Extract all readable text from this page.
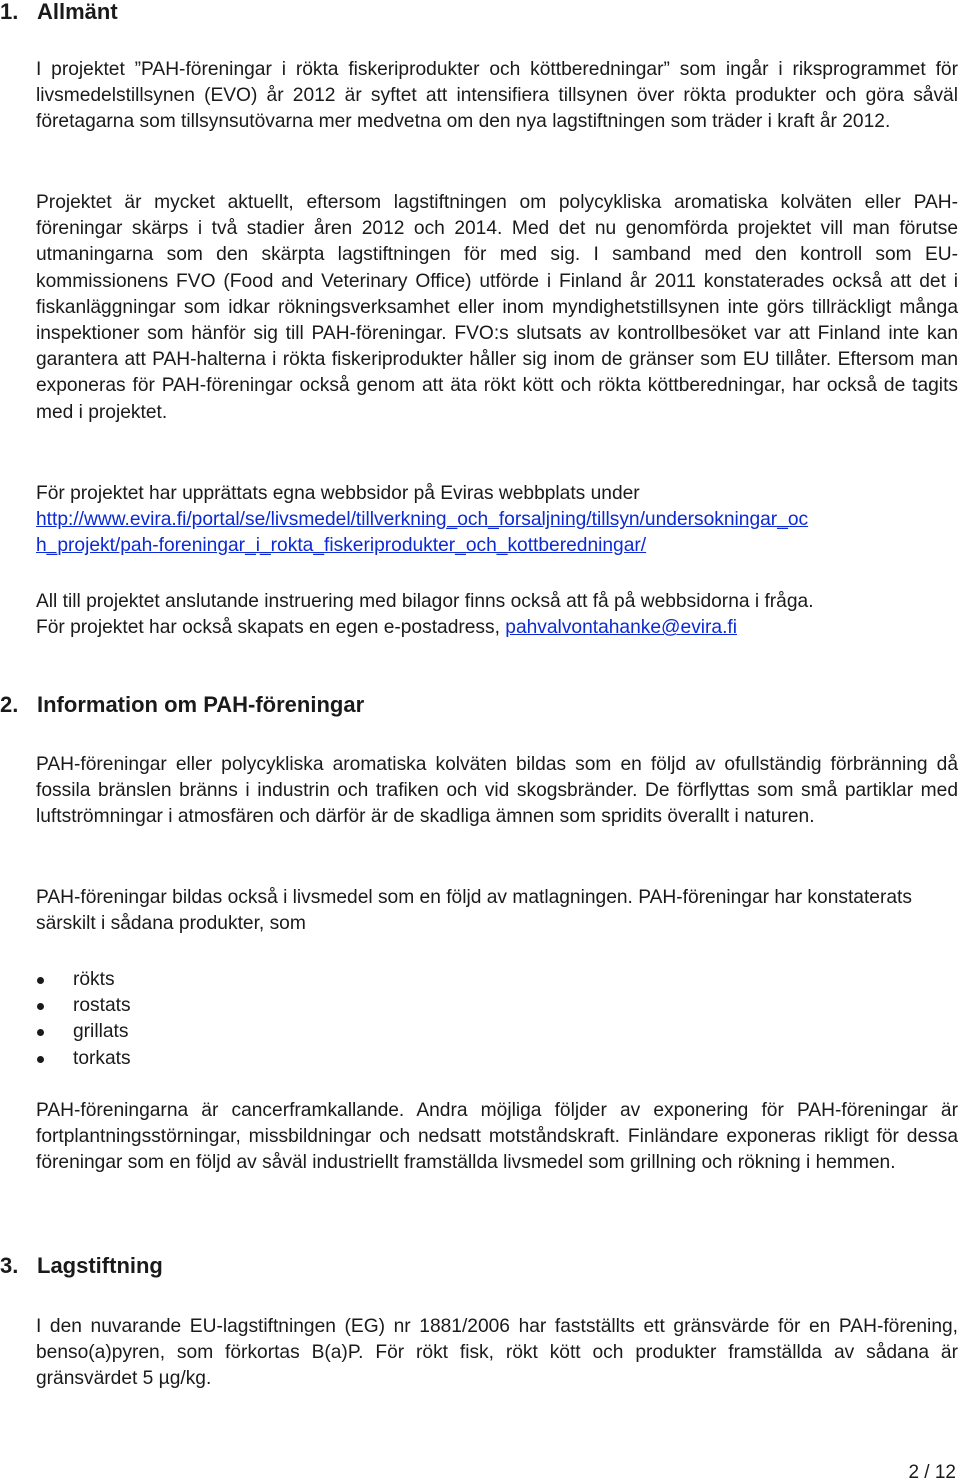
1. Allmänt

I projektet ”PAH-föreningar i rökta fiskeriprodukter och köttberedningar” som ingår i riksprogrammet för livsmedelstillsynen (EVO) år 2012 är syftet att intensifiera tillsynen över rökta produkter och göra såväl företagarna som tillsynsutövarna mer medvetna om den nya lagstiftningen som träder i kraft år 2012.

Projektet är mycket aktuellt, eftersom lagstiftningen om polycykliska aromatiska kolväten eller PAH-föreningar skärps i två stadier åren 2012 och 2014. Med det nu genomförda projektet vill man förutse utmaningarna som den skärpta lagstiftningen för med sig. I samband med den kontroll som EU-kommissionens FVO (Food and Veterinary Office) utförde i Finland år 2011 konstaterades också att det i fiskanläggningar som idkar rökningsverksamhet eller inom myndighetstillsynen inte görs tillräckligt många inspektioner som hänför sig till PAH-föreningar. FVO:s slutsats av kontrollbesöket var att Finland inte kan garantera att PAH-halterna i rökta fiskeriprodukter håller sig inom de gränser som EU tillåter. Eftersom man exponeras för PAH-föreningar också genom att äta rökt kött och rökta köttberedningar, har också de tagits med i projektet.

För projektet har upprättats egna webbsidor på Eviras webbplats under
http://www.evira.fi/portal/se/livsmedel/tillverkning_och_forsaljning/tillsyn/undersokningar_oc
h_projekt/pah-foreningar_i_rokta_fiskeriprodukter_och_kottberedningar/

All till projektet anslutande instruering med bilagor finns också att få på webbsidorna i fråga.
För projektet har också skapats en egen e-postadress, pahvalvontahanke@evira.fi

2. Information om PAH-föreningar

PAH-föreningar eller polycykliska aromatiska kolväten bildas som en följd av ofullständig förbränning då fossila bränslen bränns i industrin och trafiken och vid skogsbränder. De förflyttas som små partiklar med luftströmningar i atmosfären och därför är de skadliga ämnen som spridits överallt i naturen.

PAH-föreningar bildas också i livsmedel som en följd av matlagningen. PAH-föreningar har konstaterats särskilt i sådana produkter, som

rökts
rostats
grillats
torkats

PAH-föreningarna är cancerframkallande. Andra möjliga följder av exponering för PAH-föreningar är fortplantningsstörningar, missbildningar och nedsatt motståndskraft. Finländare exponeras rikligt för dessa föreningar som en följd av såväl industriellt framställda livsmedel som grillning och rökning i hemmen.

3. Lagstiftning

I den nuvarande EU-lagstiftningen (EG) nr 1881/2006 har fastställts ett gränsvärde för en PAH-förening, benso(a)pyren, som förkortas B(a)P. För rökt fisk, rökt kött och produkter framställda av sådana är gränsvärdet 5 µg/kg.

2 / 12
